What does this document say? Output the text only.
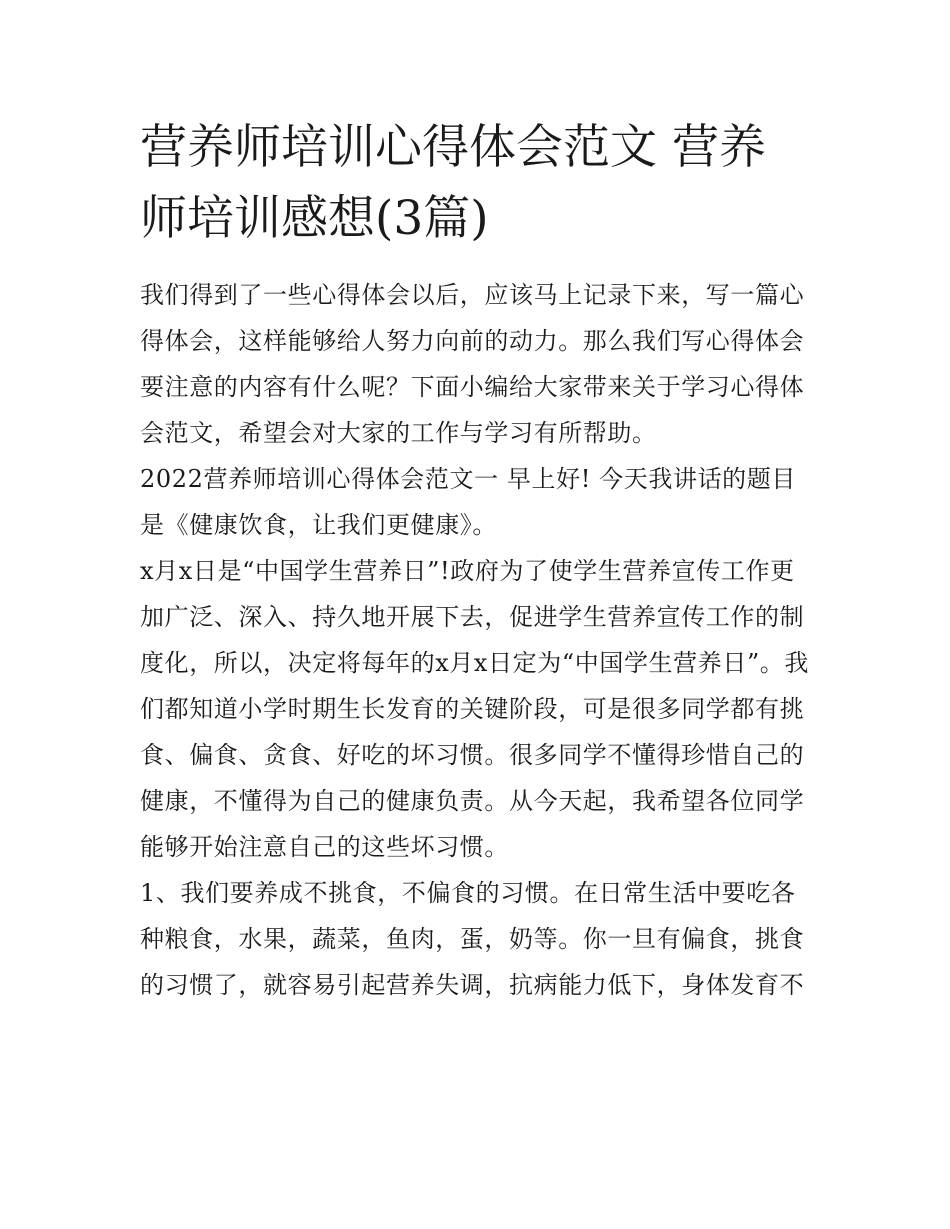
营养师培训心得体会范文 营养师培训感想(3篇)

我们得到了一些心得体会以后，应该马上记录下来，写一篇心得体会，这样能够给人努力向前的动力。那么我们写心得体会要注意的内容有什么呢？下面小编给大家带来关于学习心得体会范文，希望会对大家的工作与学习有所帮助。

2022营养师培训心得体会范文一 早上好! 今天我讲话的题目是《健康饮食，让我们更健康》。

x月x日是“中国学生营养日”!政府为了使学生营养宣传工作更加广泛、深入、持久地开展下去，促进学生营养宣传工作的制度化，所以，决定将每年的x月x日定为“中国学生营养日”。我们都知道小学时期生长发育的关键阶段，可是很多同学都有挑食、偏食、贪食、好吃的坏习惯。很多同学不懂得珍惜自己的健康，不懂得为自己的健康负责。从今天起，我希望各位同学能够开始注意自己的这些坏习惯。

1、我们要养成不挑食，不偏食的习惯。在日常生活中要吃各种粮食，水果，蔬菜，鱼肉，蛋，奶等。你一旦有偏食，挑食的习惯了，就容易引起营养失调，抗病能力低下，身体发育不
